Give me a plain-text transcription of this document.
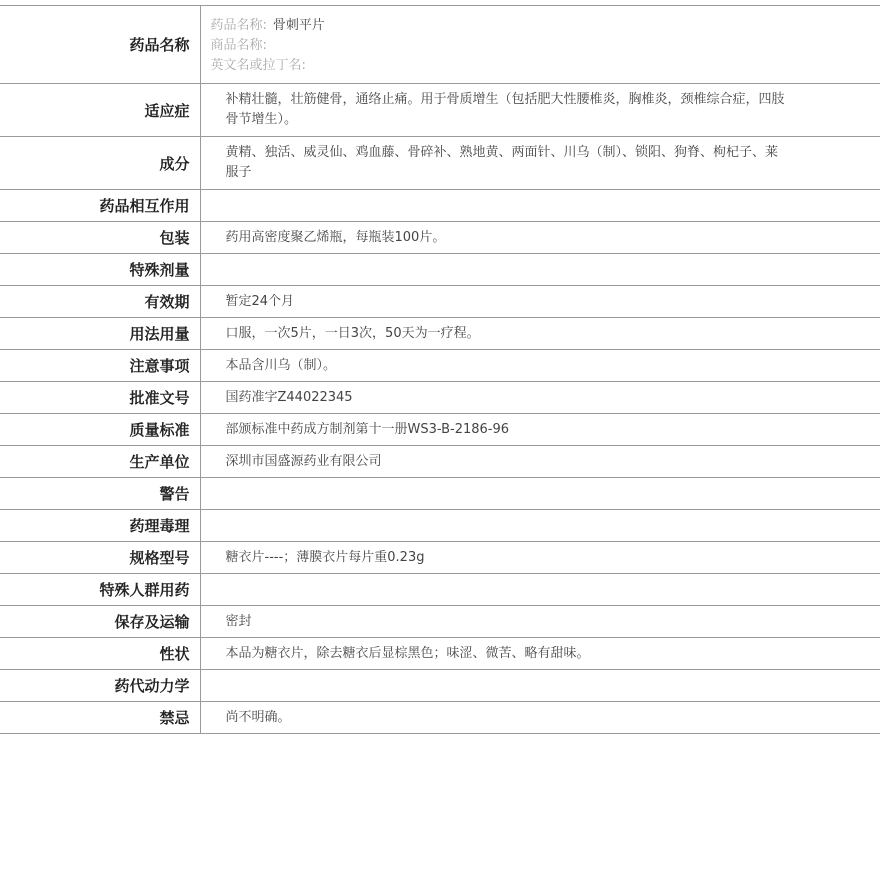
药品名称	药品名称: 骨刺平片
商品名称:
英文名或拉丁名:

适应症	补精壮髓，壮筋健骨，通络止痛。用于骨质增生（包括肥大性腰椎炎，胸椎炎，颈椎综合症，四肢骨节增生）。
成分	黄精、独活、威灵仙、鸡血藤、骨碎补、熟地黄、两面针、川乌（制）、锁阳、狗脊、枸杞子、莱服子
药品相互作用	
包装	药用高密度聚乙烯瓶，每瓶装100片。
特殊剂量	
有效期	暂定24个月
用法用量	口服，一次5片，一日3次，50天为一疗程。
注意事项	本品含川乌（制）。
批准文号	国药准字Z44022345
质量标准	部颁标准中药成方制剂第十一册WS3-B-2186-96
生产单位	深圳市国盛源药业有限公司
警告	
药理毒理	
规格型号	糖衣片----；薄膜衣片每片重0.23g
特殊人群用药	
保存及运输	密封
性状	本品为糖衣片，除去糖衣后显棕黑色；味涩、微苦、略有甜味。
药代动力学	
禁忌	尚不明确。
